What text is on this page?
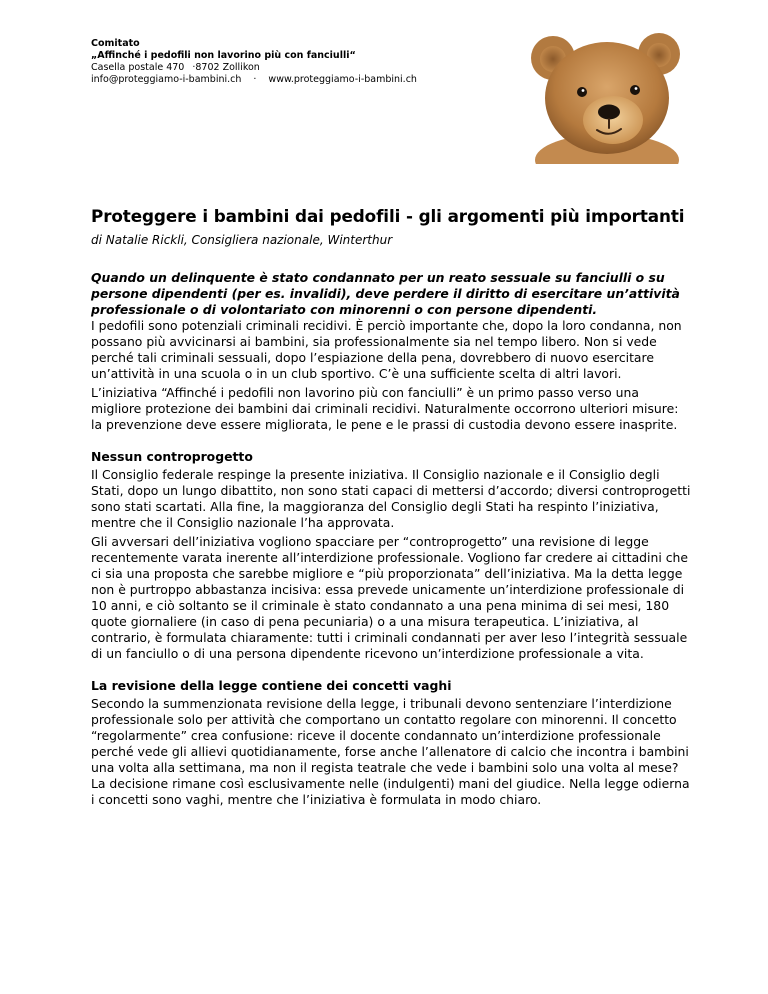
Comitato
„Affinché i pedofili non lavorino più con fanciulli“
Casella postale 470 ·8702 Zollikon
info@proteggiamo-i-bambini.ch · www.proteggiamo-i-bambini.ch
Proteggere i bambini dai pedofili - gli argomenti più importanti
di Natalie Rickli, Consigliera nazionale, Winterthur

Quando un delinquente è stato condannato per un reato sessuale su fanciulli o su persone dipendenti (per es. invalidi), deve perdere il diritto di esercitare un’attività professionale o di volontariato con minorenni o con persone dipendenti.

I pedofili sono potenziali criminali recidivi. È perciò importante che, dopo la loro condanna, non possano più avvicinarsi ai bambini, sia professionalmente sia nel tempo libero. Non si vede perché tali criminali sessuali, dopo l’espiazione della pena, dovrebbero di nuovo esercitare un’attività in una scuola o in un club sportivo. C’è una sufficiente scelta di altri lavori.

L’iniziativa “Affinché i pedofili non lavorino più con fanciulli” è un primo passo verso una migliore protezione dei bambini dai criminali recidivi. Naturalmente occorrono ulteriori misure: la prevenzione deve essere migliorata, le pene e le prassi di custodia devono essere inasprite.

Nessun controprogetto

Il Consiglio federale respinge la presente iniziativa. Il Consiglio nazionale e il Consiglio degli Stati, dopo un lungo dibattito, non sono stati capaci di mettersi d’accordo; diversi controprogetti sono stati scartati. Alla fine, la maggioranza del Consiglio degli Stati ha respinto l’iniziativa, mentre che il Consiglio nazionale l’ha approvata.

Gli avversari dell’iniziativa vogliono spacciare per “controprogetto” una revisione di legge recentemente varata inerente all’interdizione professionale. Vogliono far credere ai cittadini che ci sia una proposta che sarebbe migliore e “più proporzionata” dell’iniziativa. Ma la detta legge non è purtroppo abbastanza incisiva: essa prevede unicamente un’interdizione professionale di 10 anni, e ciò soltanto se il criminale è stato condannato a una pena minima di sei mesi, 180 quote giornaliere (in caso di pena pecuniaria) o a una misura terapeutica. L’iniziativa, al contrario, è formulata chiaramente: tutti i criminali condannati per aver leso l’integrità sessuale di un fanciullo o di una persona dipendente ricevono un’interdizione professionale a vita.

La revisione della legge contiene dei concetti vaghi

Secondo la summenzionata revisione della legge, i tribunali devono sentenziare l’interdizione professionale solo per attività che comportano un contatto regolare con minorenni. Il concetto “regolarmente” crea confusione: riceve il docente condannato un’interdizione professionale perché vede gli allievi quotidianamente, forse anche l’allenatore di calcio che incontra i bambini una volta alla settimana, ma non il regista teatrale che vede i bambini solo una volta al mese? La decisione rimane così esclusivamente nelle (indulgenti) mani del giudice. Nella legge odierna i concetti sono vaghi, mentre che l’iniziativa è formulata in modo chiaro.
